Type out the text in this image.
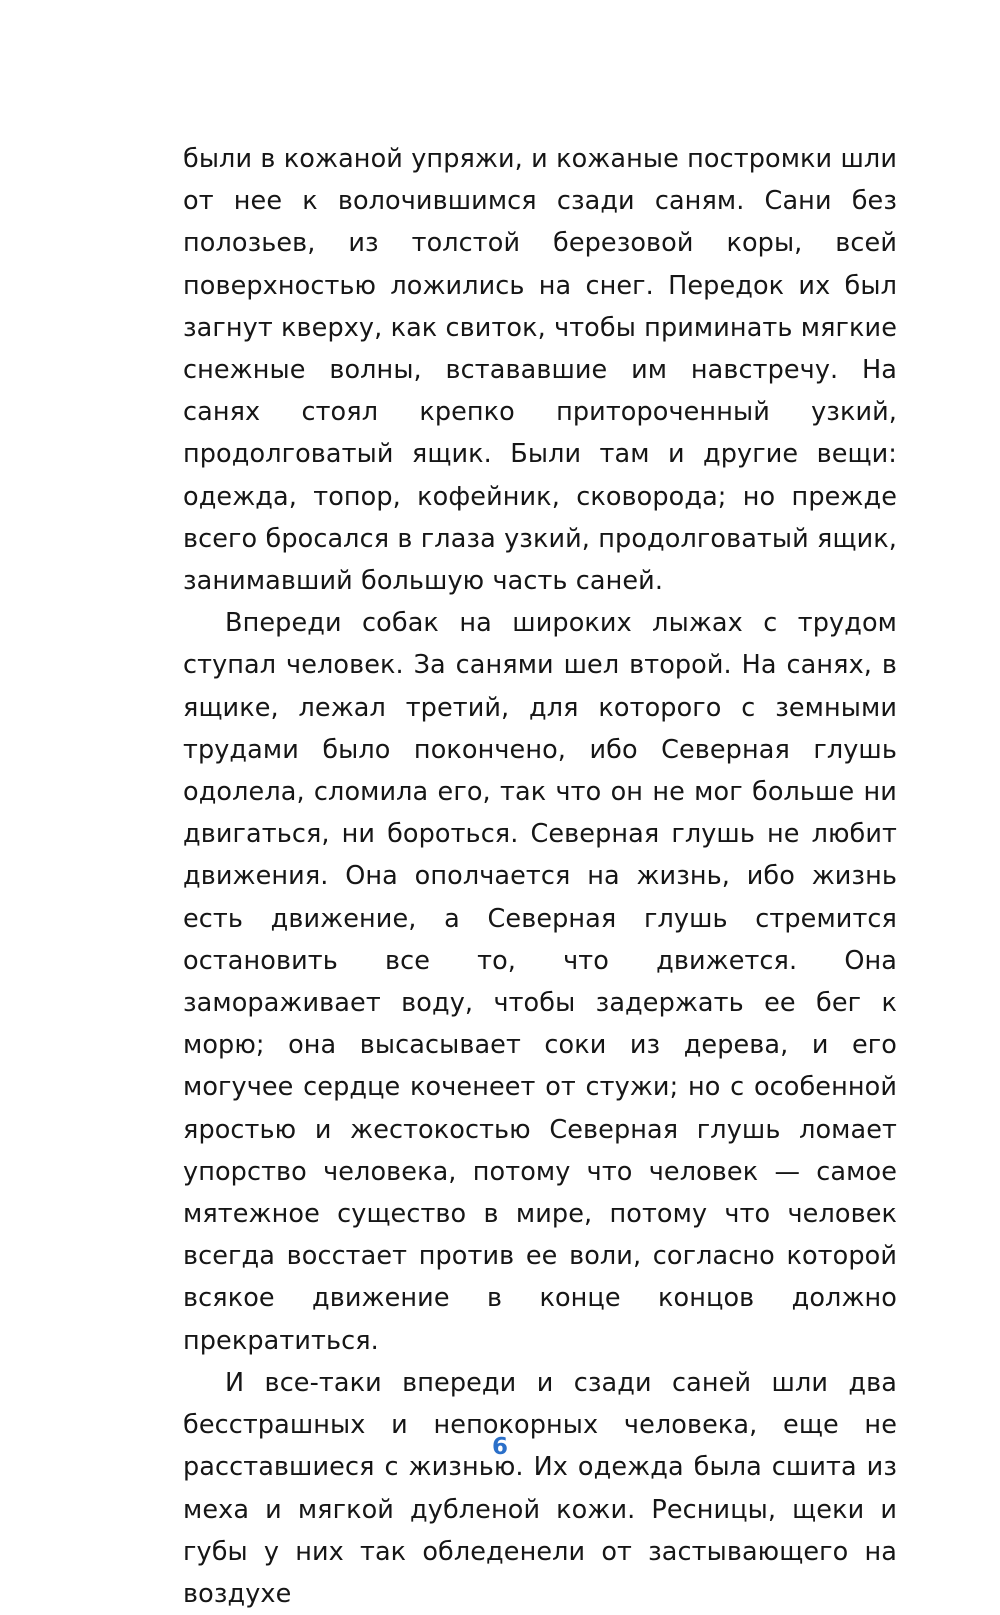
были в кожаной упряжи, и кожаные постромки шли от нее к волочившимся сзади саням. Сани без полозьев, из толстой березовой коры, всей поверхностью ложились на снег. Передок их был загнут кверху, как свиток, чтобы приминать мягкие снежные волны, встававшие им навстречу. На санях стоял крепко притороченный узкий, продолговатый ящик. Были там и другие вещи: одежда, топор, кофейник, сковорода; но прежде всего бросался в глаза узкий, продолговатый ящик, занимавший большую часть саней.

Впереди собак на широких лыжах с трудом ступал человек. За санями шел второй. На санях, в ящике, лежал третий, для которого с земными трудами было покончено, ибо Северная глушь одолела, сломила его, так что он не мог больше ни двигаться, ни бороться. Северная глушь не любит движения. Она ополчается на жизнь, ибо жизнь есть движение, а Северная глушь стремится остановить все то, что движется. Она замораживает воду, чтобы задержать ее бег к морю; она высасывает соки из дерева, и его могучее сердце коченеет от стужи; но с особенной яростью и жестокостью Северная глушь ломает упорство человека, потому что человек — самое мятежное существо в мире, потому что человек всегда восстает против ее воли, согласно которой всякое движение в конце концов должно прекратиться.

И все-таки впереди и сзади саней шли два бесстрашных и непокорных человека, еще не расставшиеся с жизнью. Их одежда была сшита из меха и мягкой дубленой кожи. Ресницы, щеки и губы у них так обледенели от застывающего на воздухе

6
